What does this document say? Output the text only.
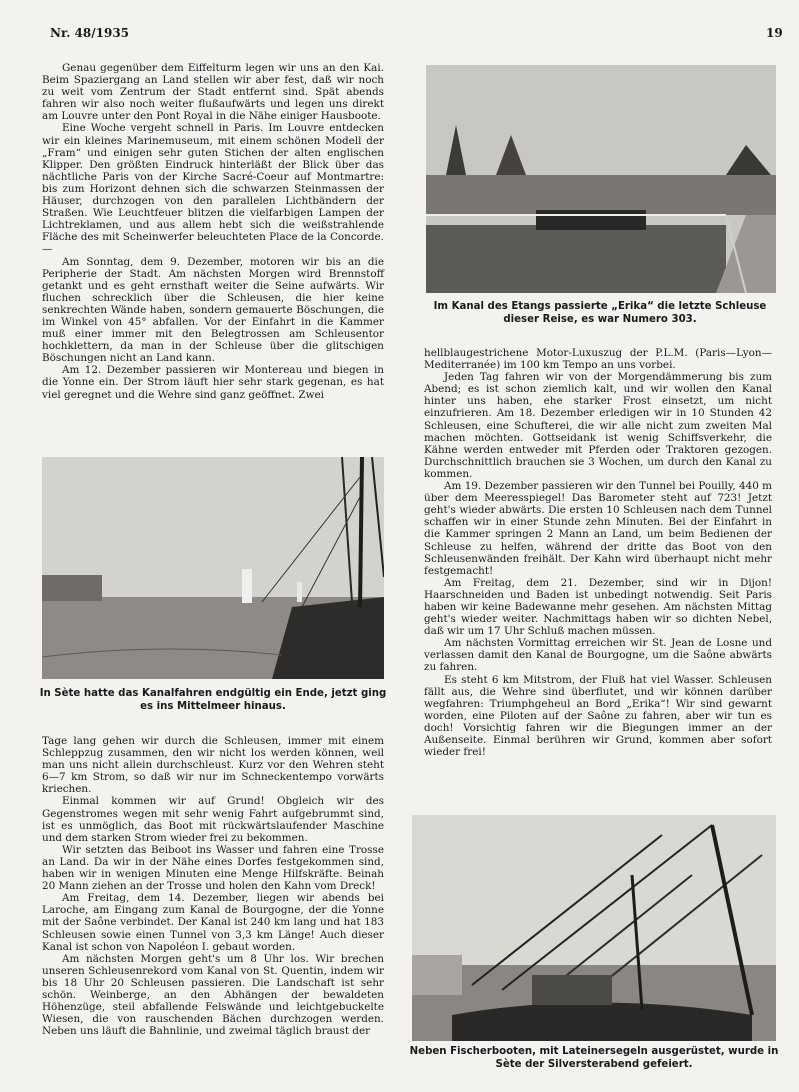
Nr. 48/1935	19

Genau gegenüber dem Eiffelturm legen wir uns an den Kai. Beim Spaziergang an Land stellen wir aber fest, daß wir noch zu weit vom Zentrum der Stadt entfernt sind. Spät abends fahren wir also noch weiter flußaufwärts und legen uns direkt am Louvre unter den Pont Royal in die Nähe einiger Hausboote.

Eine Woche vergeht schnell in Paris. Im Louvre entdecken wir ein kleines Marinemuseum, mit einem schönen Modell der „Fram“ und einigen sehr guten Stichen der alten englischen Klipper. Den größten Eindruck hinterläßt der Blick über das nächtliche Paris von der Kirche Sacré-Coeur auf Montmartre: bis zum Horizont dehnen sich die schwarzen Steinmassen der Häuser, durchzogen von den parallelen Lichtbändern der Straßen. Wie Leuchtfeuer blitzen die vielfarbigen Lampen der Lichtreklamen, und aus allem hebt sich die weißstrahlende Fläche des mit Scheinwerfer beleuchteten Place de la Concorde. —

Am Sonntag, dem 9. Dezember, motoren wir bis an die Peripherie der Stadt. Am nächsten Morgen wird Brennstoff getankt und es geht ernsthaft weiter die Seine aufwärts. Wir fluchen schrecklich über die Schleusen, die hier keine senkrechten Wände haben, sondern gemauerte Böschungen, die im Winkel von 45° abfallen. Vor der Einfahrt in die Kammer muß einer immer mit den Belegtrossen am Schleusentor hochklettern, da man in der Schleuse über die glitschigen Böschungen nicht an Land kann.

Am 12. Dezember passieren wir Montereau und biegen in die Yonne ein. Der Strom läuft hier sehr stark gegenan, es hat viel geregnet und die Wehre sind ganz geöffnet. Zwei

In Sète hatte das Kanalfahren endgültig ein Ende, jetzt ging es ins Mittelmeer hinaus.

Tage lang gehen wir durch die Schleusen, immer mit einem Schleppzug zusammen, den wir nicht los werden können, weil man uns nicht allein durchschleust. Kurz vor den Wehren steht 6—7 km Strom, so daß wir nur im Schneckentempo vorwärts kriechen.

Einmal kommen wir auf Grund! Obgleich wir des Gegenstromes wegen mit sehr wenig Fahrt aufgebrummt sind, ist es unmöglich, das Boot mit rückwärtslaufender Maschine und dem starken Strom wieder frei zu bekommen.

Wir setzten das Beiboot ins Wasser und fahren eine Trosse an Land. Da wir in der Nähe eines Dorfes festgekommen sind, haben wir in wenigen Minuten eine Menge Hilfskräfte. Beinah 20 Mann ziehen an der Trosse und holen den Kahn vom Dreck!

Am Freitag, dem 14. Dezember, liegen wir abends bei Laroche, am Eingang zum Kanal de Bourgogne, der die Yonne mit der Saône verbindet. Der Kanal ist 240 km lang und hat 183 Schleusen sowie einen Tunnel von 3,3 km Länge! Auch dieser Kanal ist schon von Napoléon I. gebaut worden.

Am nächsten Morgen geht's um 8 Uhr los. Wir brechen unseren Schleusenrekord vom Kanal von St. Quentin, indem wir bis 18 Uhr 20 Schleusen passieren. Die Landschaft ist sehr schön. Weinberge, an den Abhängen der bewaldeten Höhenzüge, steil abfallende Felswände und leichtgebuckelte Wiesen, die von rauschenden Bächen durchzogen werden. Neben uns läuft die Bahnlinie, und zweimal täglich braust der

Im Kanal des Etangs passierte „Erika“ die letzte Schleuse dieser Reise, es war Numero 303.

hellblaugestrichene Motor-Luxuszug der P.L.M. (Paris—Lyon—Mediterranée) im 100 km Tempo an uns vorbei.

Jeden Tag fahren wir von der Morgendämmerung bis zum Abend; es ist schon ziemlich kalt, und wir wollen den Kanal hinter uns haben, ehe starker Frost einsetzt, um nicht einzufrieren. Am 18. Dezember erledigen wir in 10 Stunden 42 Schleusen, eine Schufterei, die wir alle nicht zum zweiten Mal machen möchten. Gottseidank ist wenig Schiffsverkehr, die Kähne werden entweder mit Pferden oder Traktoren gezogen. Durchschnittlich brauchen sie 3 Wochen, um durch den Kanal zu kommen.

Am 19. Dezember passieren wir den Tunnel bei Pouilly, 440 m über dem Meeresspiegel! Das Barometer steht auf 723! Jetzt geht's wieder abwärts. Die ersten 10 Schleusen nach dem Tunnel schaffen wir in einer Stunde zehn Minuten. Bei der Einfahrt in die Kammer springen 2 Mann an Land, um beim Bedienen der Schleuse zu helfen, während der dritte das Boot von den Schleusenwänden freihält. Der Kahn wird überhaupt nicht mehr festgemacht!

Am Freitag, dem 21. Dezember, sind wir in Dijon! Haarschneiden und Baden ist unbedingt notwendig. Seit Paris haben wir keine Badewanne mehr gesehen. Am nächsten Mittag geht's wieder weiter. Nachmittags haben wir so dichten Nebel, daß wir um 17 Uhr Schluß machen müssen.

Am nächsten Vormittag erreichen wir St. Jean de Losne und verlassen damit den Kanal de Bourgogne, um die Saône abwärts zu fahren.

Es steht 6 km Mitstrom, der Fluß hat viel Wasser. Schleusen fällt aus, die Wehre sind überflutet, und wir können darüber wegfahren: Triumphgeheul an Bord „Erika“! Wir sind gewarnt worden, eine Piloten auf der Saône zu fahren, aber wir tun es doch! Vorsichtig fahren wir die Biegungen immer an der Außenseite. Einmal berühren wir Grund, kommen aber sofort wieder frei!

Neben Fischerbooten, mit Lateinersegeln ausgerüstet, wurde in Sète der Silversterabend gefeiert.
